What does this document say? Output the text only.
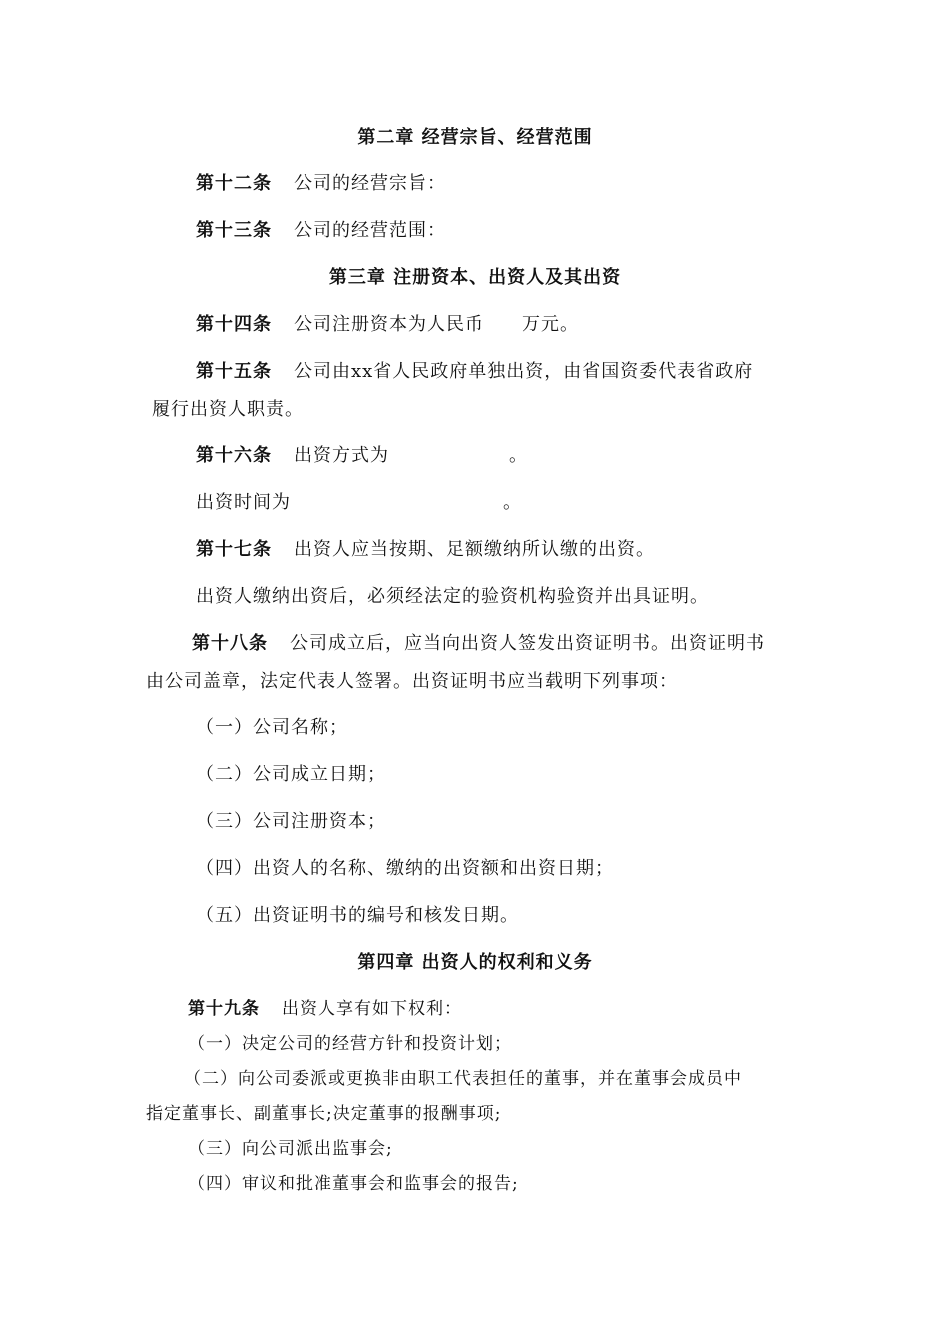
第二章 经营宗旨、经营范围
第十二条 公司的经营宗旨：
第十三条 公司的经营范围：
第三章 注册资本、出资人及其出资
第十四条 公司注册资本为人民币 万元。
第十五条 公司由xx省人民政府单独出资，由省国资委代表省政府
履行出资人职责。
第十六条 出资方式为	。
出资时间为	。
第十七条 出资人应当按期、足额缴纳所认缴的出资。
出资人缴纳出资后，必须经法定的验资机构验资并出具证明。
第十八条 公司成立后，应当向出资人签发出资证明书。出资证明书
由公司盖章，法定代表人签署。出资证明书应当载明下列事项：
（一）公司名称；
（二）公司成立日期；
（三）公司注册资本；
（四）出资人的名称、缴纳的出资额和出资日期；
（五）出资证明书的编号和核发日期。
第四章 出资人的权利和义务
第十九条 出资人享有如下权利：
（一）决定公司的经营方针和投资计划；
（二）向公司委派或更换非由职工代表担任的董事，并在董事会成员中
指定董事长、副董事长;决定董事的报酬事项;
（三）向公司派出监事会;
（四）审议和批准董事会和监事会的报告;
